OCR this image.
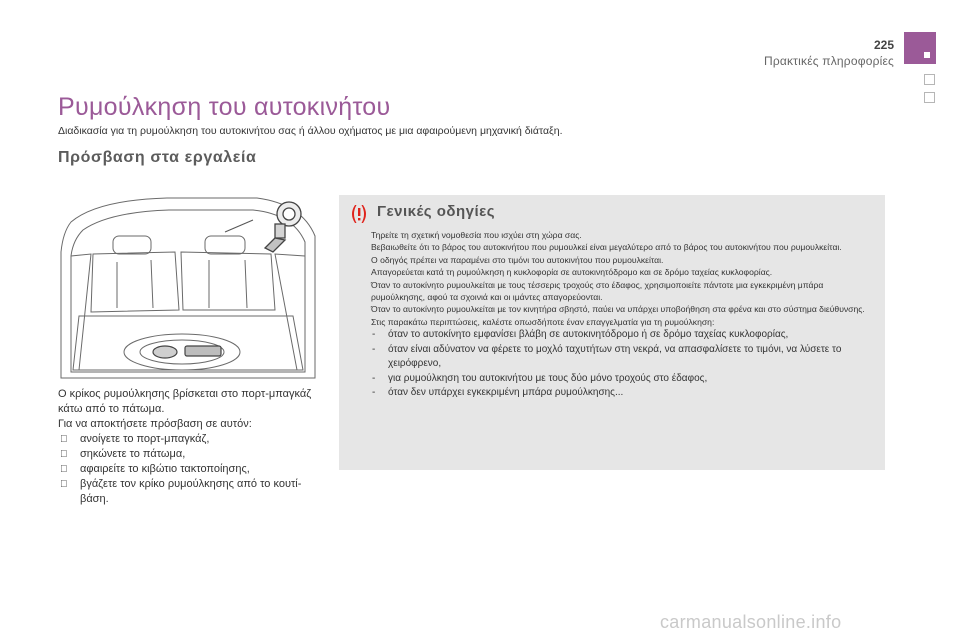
225
Πρακτικές πληροφορίες
Ρυμούλκηση του αυτοκινήτου
Διαδικασία για τη ρυμούλκηση του αυτοκινήτου σας ή άλλου οχήματος με μια αφαιρούμενη μηχανική διάταξη.
Πρόσβαση στα εργαλεία

Ο κρίκος ρυμούλκησης βρίσκεται στο πορτ-μπαγκάζ κάτω από το πάτωμα.

Για να αποκτήσετε πρόσβαση σε αυτόν:

ανοίγετε το πορτ-μπαγκάζ,
σηκώνετε το πάτωμα,
αφαιρείτε το κιβώτιο τακτοποίησης,
βγάζετε τον κρίκο ρυμούλκησης από το κουτί-βάση.
Γενικές οδηγίες

Τηρείτε τη σχετική νομοθεσία που ισχύει στη χώρα σας.

Βεβαιωθείτε ότι το βάρος του αυτοκινήτου που ρυμουλκεί είναι μεγαλύτερο από το βάρος του αυτοκινήτου που ρυμουλκείται.

Ο οδηγός πρέπει να παραμένει στο τιμόνι του αυτοκινήτου που ρυμουλκείται.

Απαγορεύεται κατά τη ρυμούλκηση η κυκλοφορία σε αυτοκινητόδρομο και σε δρόμο ταχείας κυκλοφορίας.

Όταν το αυτοκίνητο ρυμουλκείται με τους τέσσερις τροχούς στο έδαφος, χρησιμοποιείτε πάντοτε μια εγκεκριμένη μπάρα ρυμούλκησης, αφού τα σχοινιά και οι ιμάντες απαγορεύονται.

Όταν το αυτοκίνητο ρυμουλκείται με τον κινητήρα σβηστό, παύει να υπάρχει υποβοήθηση στα φρένα και στο σύστημα διεύθυνσης.

Στις παρακάτω περιπτώσεις, καλέστε οπωσδήποτε έναν επαγγελματία για τη ρυμούλκηση:

- όταν το αυτοκίνητο εμφανίσει βλάβη σε αυτοκινητόδρομο ή σε δρόμο ταχείας κυκλοφορίας,
- όταν είναι αδύνατον να φέρετε το μοχλό ταχυτήτων στη νεκρά, να απασφαλίσετε το τιμόνι, να λύσετε το χειρόφρενο,
- για ρυμούλκηση του αυτοκινήτου με τους δύο μόνο τροχούς στο έδαφος,
- όταν δεν υπάρχει εγκεκριμένη μπάρα ρυμούλκησης...
carmanualsonline.info
